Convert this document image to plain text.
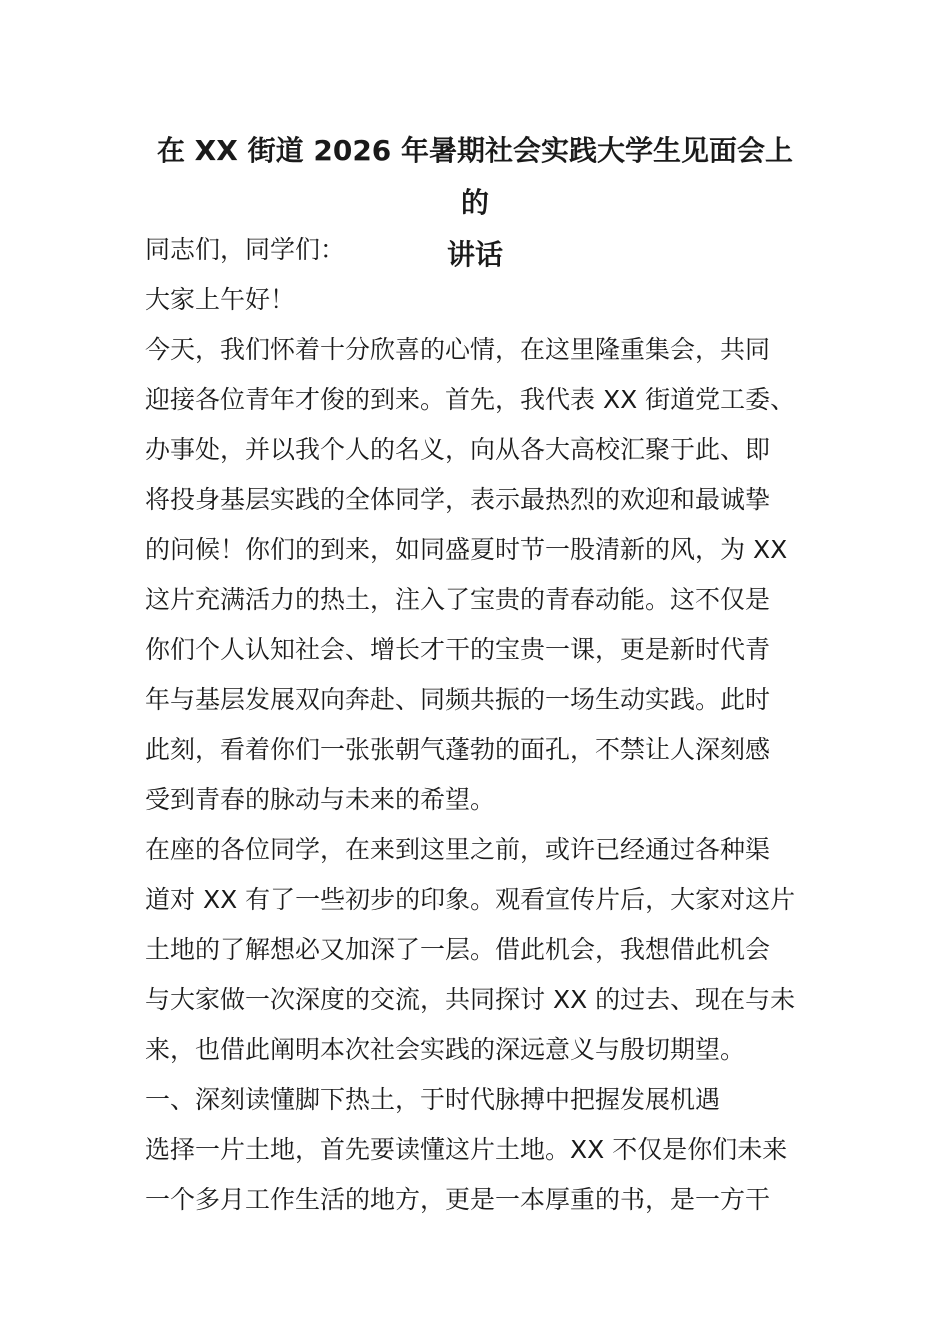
在 XX 街道 2026 年暑期社会实践大学生见面会上的
讲话
同志们，同学们：
大家上午好！
今天，我们怀着十分欣喜的心情，在这里隆重集会，共同
迎接各位青年才俊的到来。首先，我代表 XX 街道党工委、
办事处，并以我个人的名义，向从各大高校汇聚于此、即
将投身基层实践的全体同学，表示最热烈的欢迎和最诚挚
的问候！你们的到来，如同盛夏时节一股清新的风，为 XX
这片充满活力的热土，注入了宝贵的青春动能。这不仅是
你们个人认知社会、增长才干的宝贵一课，更是新时代青
年与基层发展双向奔赴、同频共振的一场生动实践。此时
此刻，看着你们一张张朝气蓬勃的面孔，不禁让人深刻感
受到青春的脉动与未来的希望。
在座的各位同学，在来到这里之前，或许已经通过各种渠
道对 XX 有了一些初步的印象。观看宣传片后，大家对这片
土地的了解想必又加深了一层。借此机会，我想借此机会
与大家做一次深度的交流，共同探讨 XX 的过去、现在与未
来，也借此阐明本次社会实践的深远意义与殷切期望。
一、深刻读懂脚下热土，于时代脉搏中把握发展机遇
选择一片土地，首先要读懂这片土地。XX 不仅是你们未来
一个多月工作生活的地方，更是一本厚重的书，是一方干
